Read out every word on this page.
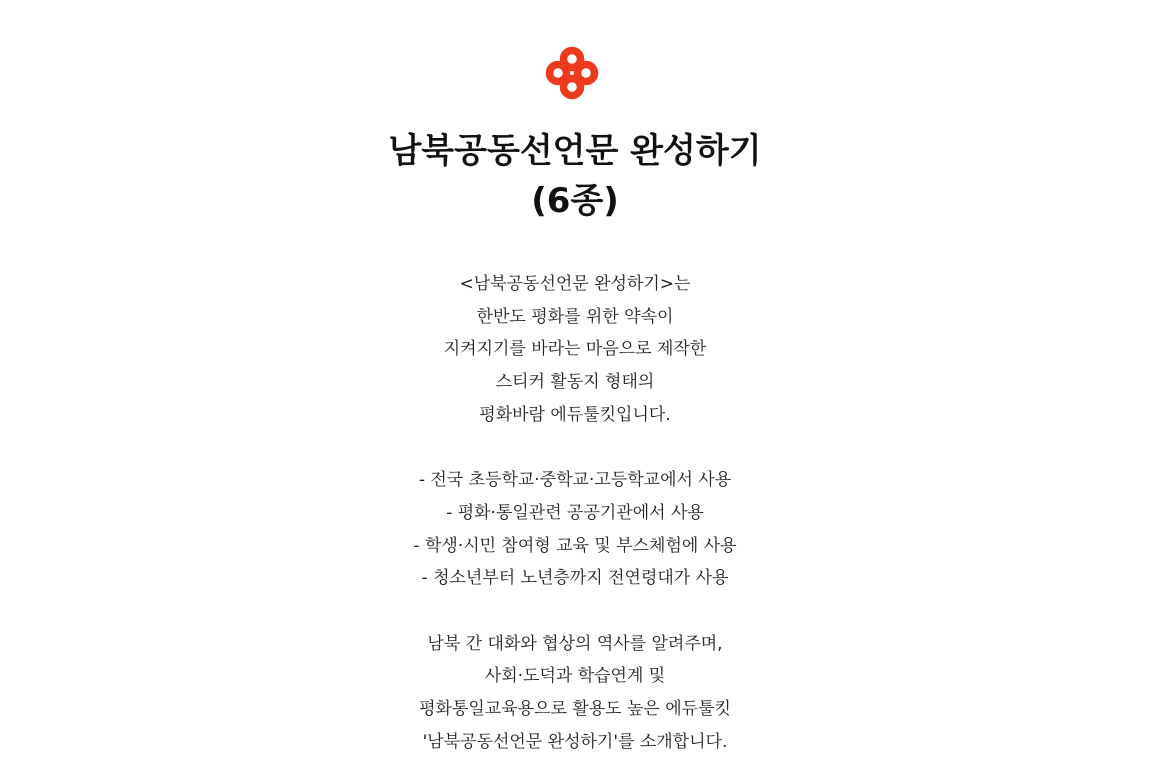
남북공동선언문 완성하기
(6종)

<남북공동선언문 완성하기>는

한반도 평화를 위한 약속이

지켜지기를 바라는 마음으로 제작한

스티커 활동지 형태의

평화바람 에듀툴킷입니다.

- 전국 초등학교·중학교·고등학교에서 사용

- 평화·통일관련 공공기관에서 사용

- 학생·시민 참여형 교육 및 부스체험에 사용

- 청소년부터 노년층까지 전연령대가 사용

남북 간 대화와 협상의 역사를 알려주며,

사회·도덕과 학습연계 및

평화통일교육용으로 활용도 높은 에듀툴킷

'남북공동선언문 완성하기'를 소개합니다.
